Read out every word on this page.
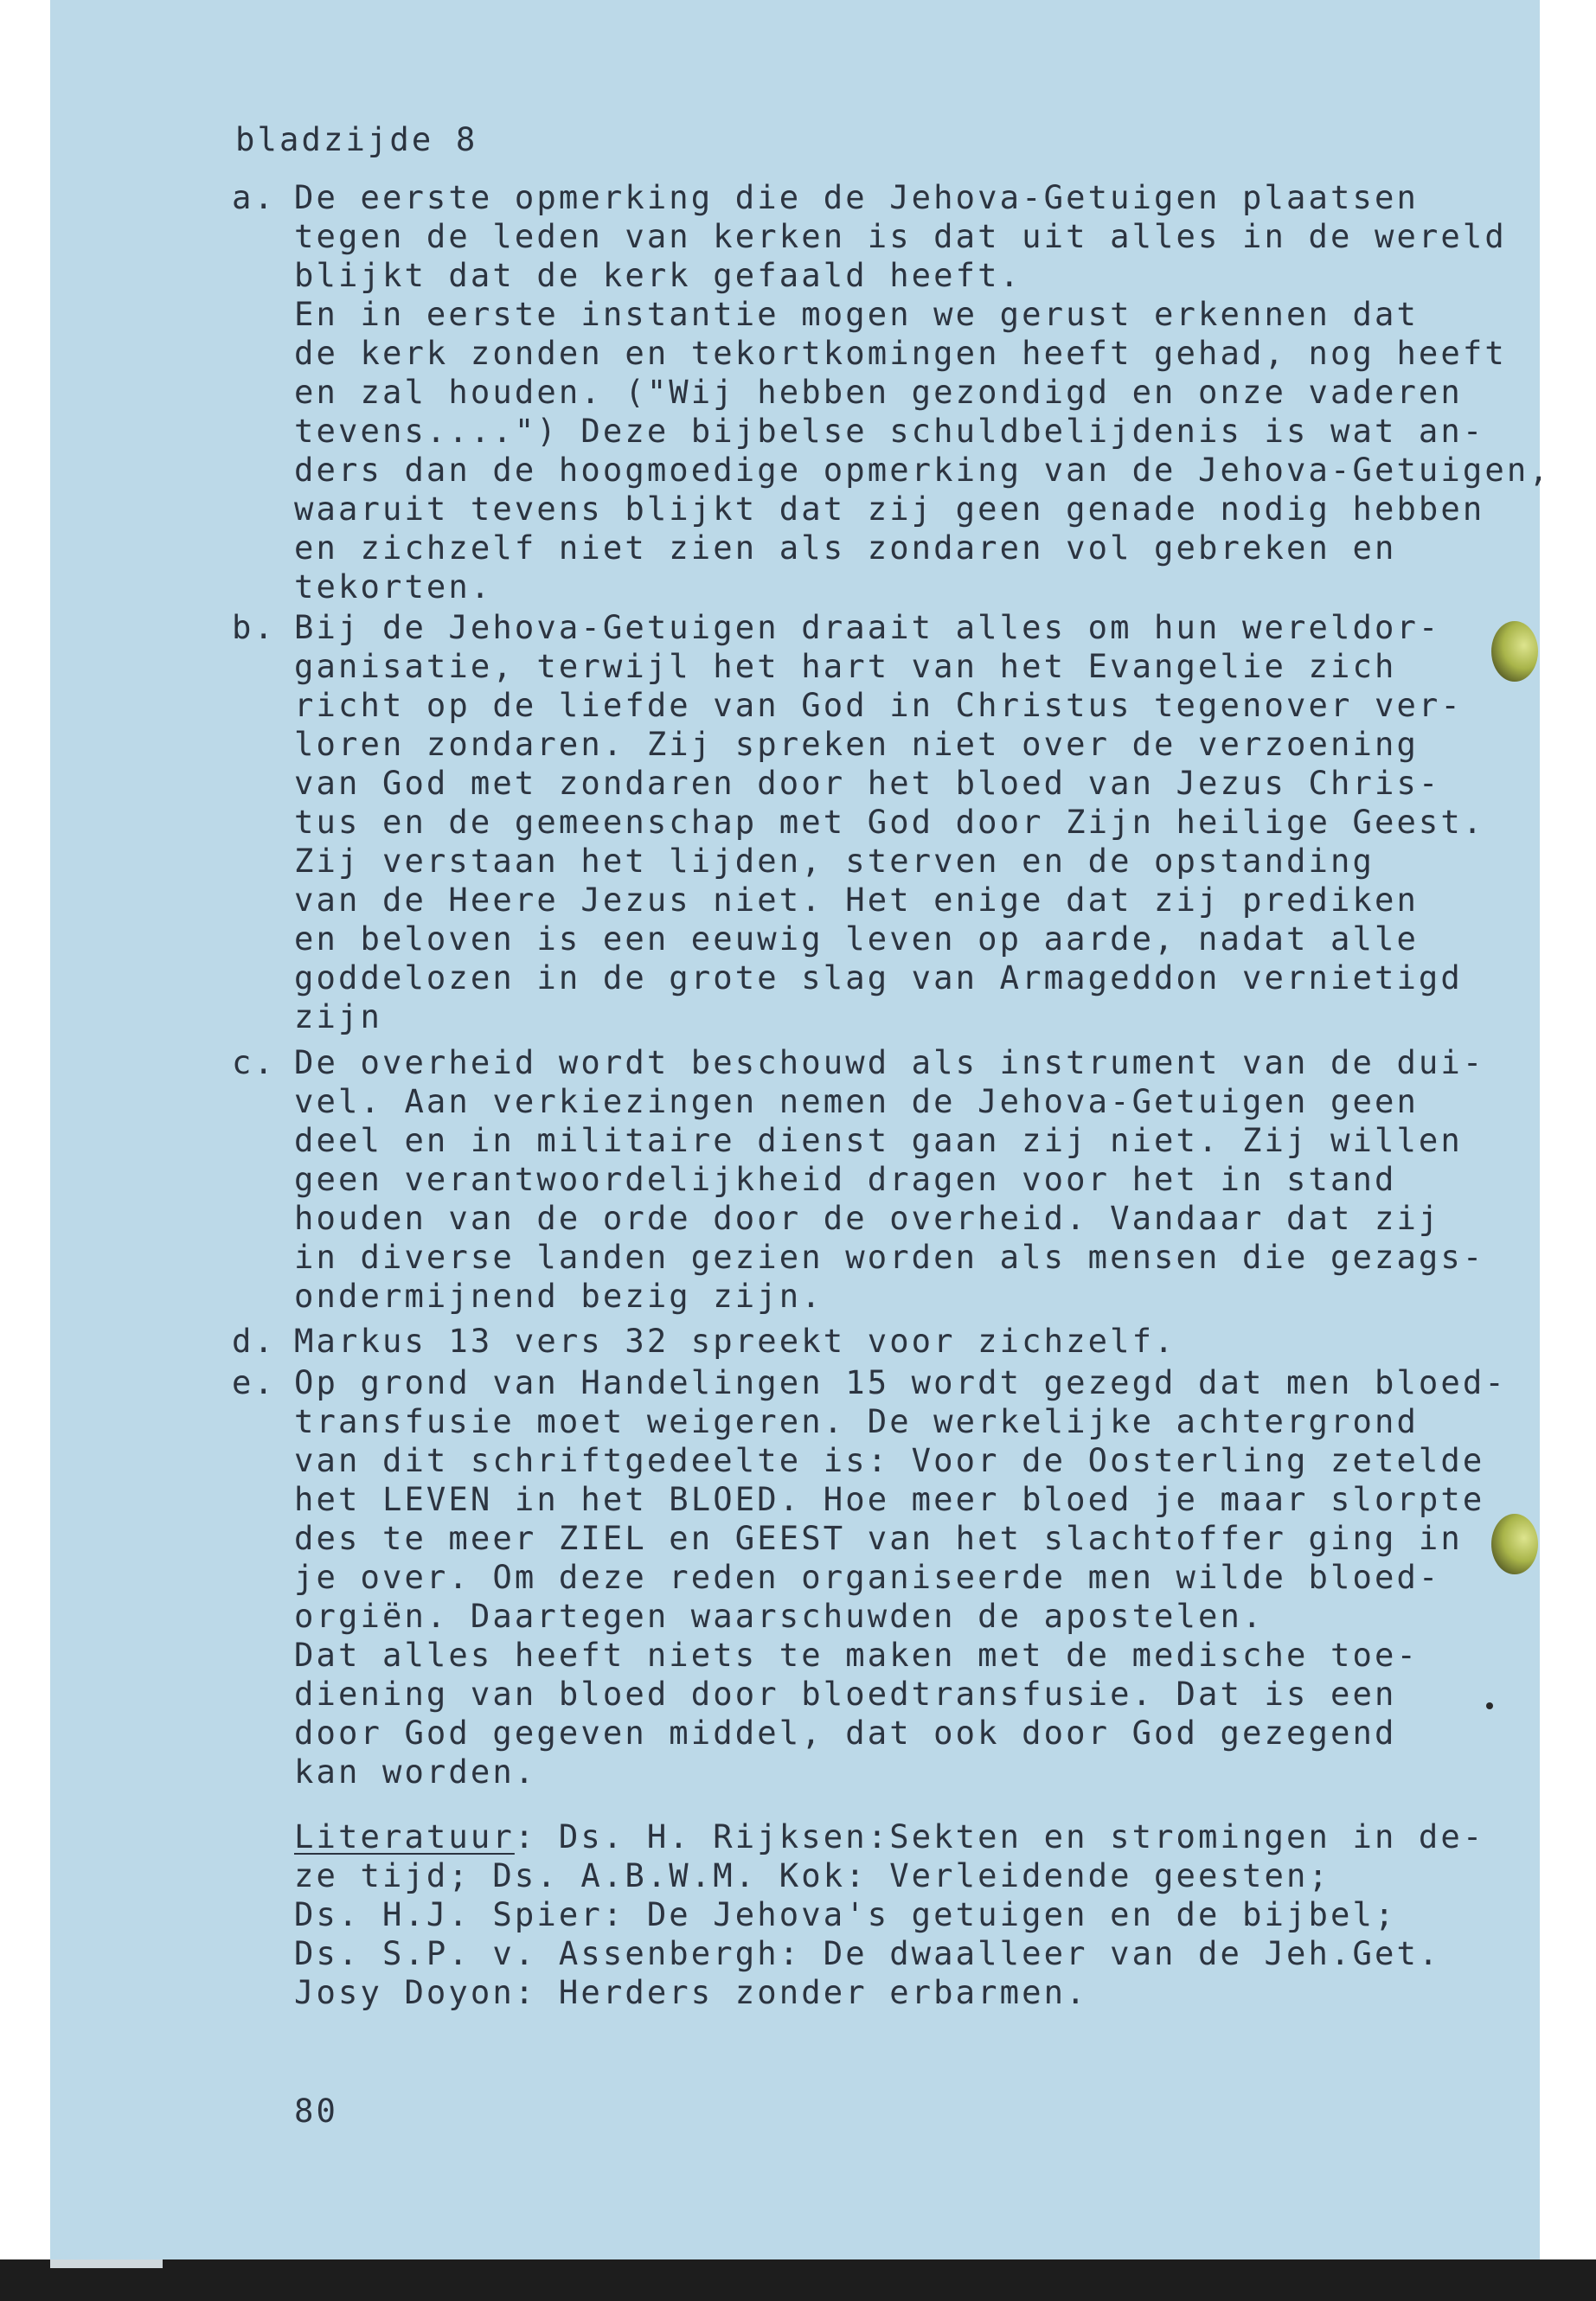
bladzijde 8
a. De eerste opmerking die de Jehova-Getuigen plaatsen
tegen de leden van kerken is dat uit alles in de wereld
blijkt dat de kerk gefaald heeft.
En in eerste instantie mogen we gerust erkennen dat
de kerk zonden en tekortkomingen heeft gehad, nog heeft
en zal houden. ("Wij hebben gezondigd en onze vaderen
tevens....") Deze bijbelse schuldbelijdenis is wat an-
ders dan de hoogmoedige opmerking van de Jehova-Getuigen,
waaruit tevens blijkt dat zij geen genade nodig hebben
en zichzelf niet zien als zondaren vol gebreken en
tekorten.
b. Bij de Jehova-Getuigen draait alles om hun wereldor-
ganisatie, terwijl het hart van het Evangelie zich
richt op de liefde van God in Christus tegenover ver-
loren zondaren. Zij spreken niet over de verzoening
van God met zondaren door het bloed van Jezus Chris-
tus en de gemeenschap met God door Zijn heilige Geest.
Zij verstaan het lijden, sterven en de opstanding
van de Heere Jezus niet. Het enige dat zij prediken
en beloven is een eeuwig leven op aarde, nadat alle
goddelozen in de grote slag van Armageddon vernietigd
zijn
c. De overheid wordt beschouwd als instrument van de dui-
vel. Aan verkiezingen nemen de Jehova-Getuigen geen
deel en in militaire dienst gaan zij niet. Zij willen
geen verantwoordelijkheid dragen voor het in stand
houden van de orde door de overheid. Vandaar dat zij
in diverse landen gezien worden als mensen die gezags-
ondermijnend bezig zijn.
d. Markus 13 vers 32 spreekt voor zichzelf.
e. Op grond van Handelingen 15 wordt gezegd dat men bloed-
transfusie moet weigeren. De werkelijke achtergrond
van dit schriftgedeelte is: Voor de Oosterling zetelde
het LEVEN in het BLOED. Hoe meer bloed je maar slorpte
des te meer ZIEL en GEEST van het slachtoffer ging in
je over. Om deze reden organiseerde men wilde bloed-
orgiën. Daartegen waarschuwden de apostelen.
Dat alles heeft niets te maken met de medische toe-
diening van bloed door bloedtransfusie. Dat is een
door God gegeven middel, dat ook door God gezegend
kan worden.
Literatuur: Ds. H. Rijksen:Sekten en stromingen in de-
ze tijd; Ds. A.B.W.M. Kok: Verleidende geesten;
Ds. H.J. Spier: De Jehova's getuigen en de bijbel;
Ds. S.P. v. Assenbergh: De dwaalleer van de Jeh.Get.
Josy Doyon: Herders zonder erbarmen.
80
